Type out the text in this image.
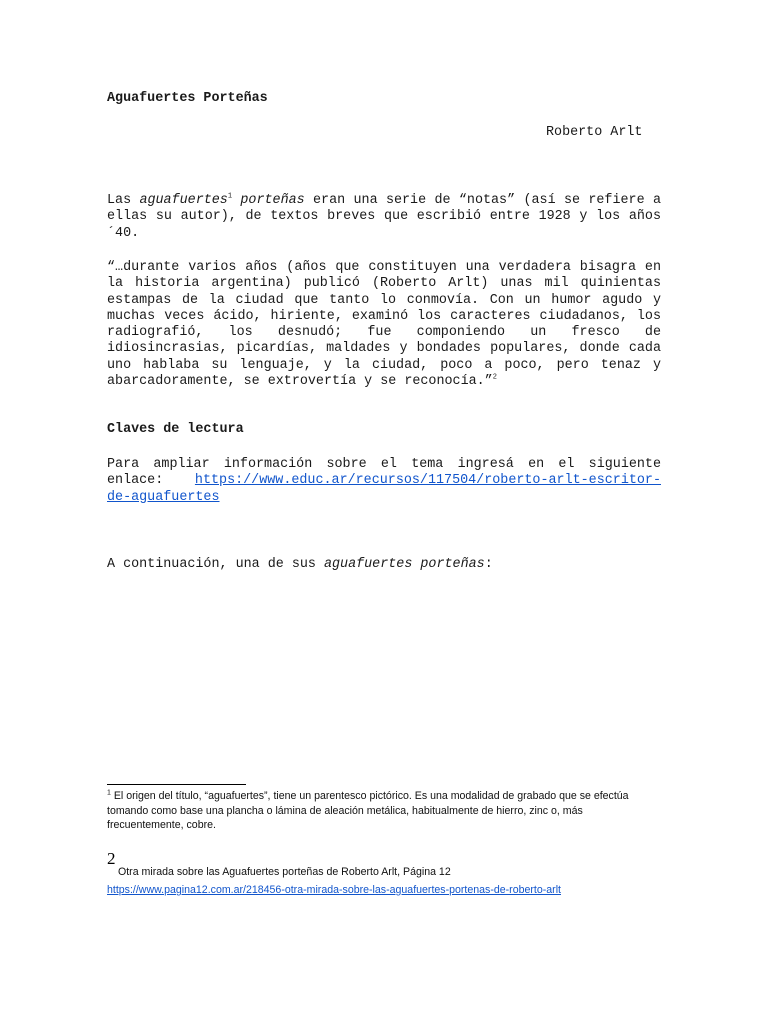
Aguafuertes Porteñas

Roberto Arlt

Las aguafuertes$^1$ porteñas eran una serie de “notas” (así se refiere a ellas su autor), de textos breves que escribió entre 1928 y los años ´40.

“…durante varios años (años que constituyen una verdadera bisagra en la historia argentina) publicó (Roberto Arlt) unas mil quinientas estampas de la ciudad que tanto lo conmovía. Con un humor agudo y muchas veces ácido, hiriente, examinó los caracteres ciudadanos, los radiografió, los desnudó; fue componiendo un fresco de idiosincrasias, picardías, maldades y bondades populares, donde cada uno hablaba su lenguaje, y la ciudad, poco a poco, pero tenaz y abarcadoramente, se extrovertía y se reconocía.”$^2$

Claves de lectura

Para ampliar información sobre el tema ingresá en el siguiente enlace: https://www.educ.ar/recursos/117504/roberto-arlt-escritor-de-aguafuertes

A continuación, una de sus aguafuertes porteñas:

$^1$ El origen del título, “aguafuertes”, tiene un parentesco pictórico. Es una modalidad de grabado que se efectúa tomando como base una plancha o lámina de aleación metálica, habitualmente de hierro, zinc o, más frecuentemente, cobre.

2

Otra mirada sobre las Aguafuertes porteñas de Roberto Arlt, Página 12

https://www.pagina12.com.ar/218456-otra-mirada-sobre-las-aguafuertes-portenas-de-roberto-arlt
